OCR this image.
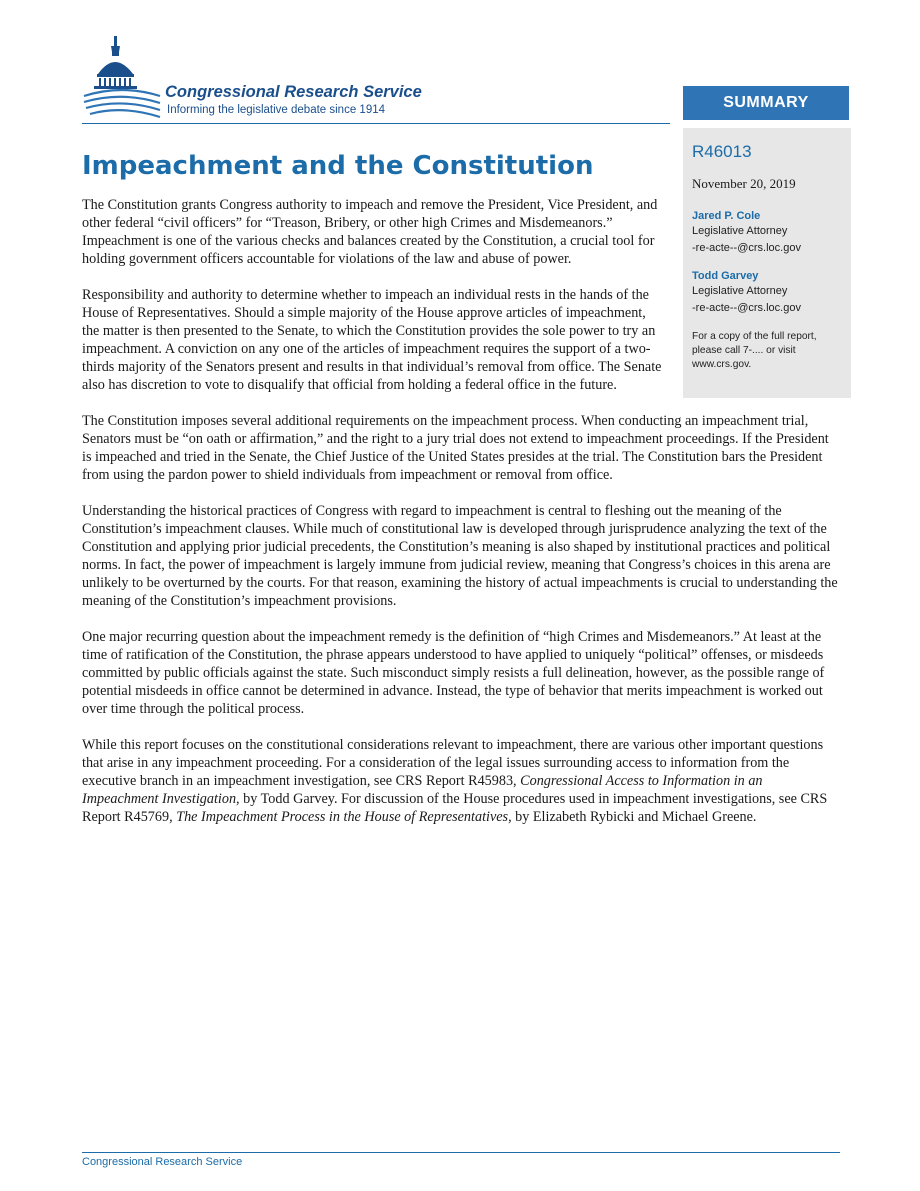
Congressional Research Service

Informing the legislative debate since 1914	SUMMARY

R46013

November 20, 2019

Jared P. Cole

Legislative Attorney

-re-acte--@crs.loc.gov

Todd Garvey

Legislative Attorney

-re-acte--@crs.loc.gov

For a copy of the full report, please call 7-.... or visit www.crs.gov.

Impeachment and the Constitution

The Constitution grants Congress authority to impeach and remove the President, Vice President, and other federal “civil officers” for “Treason, Bribery, or other high Crimes and Misdemeanors.” Impeachment is one of the various checks and balances created by the Constitution, a crucial tool for holding government officers accountable for violations of the law and abuse of power.

Responsibility and authority to determine whether to impeach an individual rests in the hands of the House of Representatives. Should a simple majority of the House approve articles of impeachment, the matter is then presented to the Senate, to which the Constitution provides the sole power to try an impeachment. A conviction on any one of the articles of impeachment requires the support of a two-thirds majority of the Senators present and results in that individual’s removal from office. The Senate also has discretion to vote to disqualify that official from holding a federal office in the future.

The Constitution imposes several additional requirements on the impeachment process. When conducting an impeachment trial, Senators must be “on oath or affirmation,” and the right to a jury trial does not extend to impeachment proceedings. If the President is impeached and tried in the Senate, the Chief Justice of the United States presides at the trial. The Constitution bars the President from using the pardon power to shield individuals from impeachment or removal from office.

Understanding the historical practices of Congress with regard to impeachment is central to fleshing out the meaning of the Constitution’s impeachment clauses. While much of constitutional law is developed through jurisprudence analyzing the text of the Constitution and applying prior judicial precedents, the Constitution’s meaning is also shaped by institutional practices and political norms. In fact, the power of impeachment is largely immune from judicial review, meaning that Congress’s choices in this arena are unlikely to be overturned by the courts. For that reason, examining the history of actual impeachments is crucial to understanding the meaning of the Constitution’s impeachment provisions.

One major recurring question about the impeachment remedy is the definition of “high Crimes and Misdemeanors.” At least at the time of ratification of the Constitution, the phrase appears understood to have applied to uniquely “political” offenses, or misdeeds committed by public officials against the state. Such misconduct simply resists a full delineation, however, as the possible range of potential misdeeds in office cannot be determined in advance. Instead, the type of behavior that merits impeachment is worked out over time through the political process.

While this report focuses on the constitutional considerations relevant to impeachment, there are various other important questions that arise in any impeachment proceeding. For a consideration of the legal issues surrounding access to information from the executive branch in an impeachment investigation, see CRS Report R45983, Congressional Access to Information in an Impeachment Investigation, by Todd Garvey. For discussion of the House procedures used in impeachment investigations, see CRS Report R45769, The Impeachment Process in the House of Representatives, by Elizabeth Rybicki and Michael Greene.

Congressional Research Service
